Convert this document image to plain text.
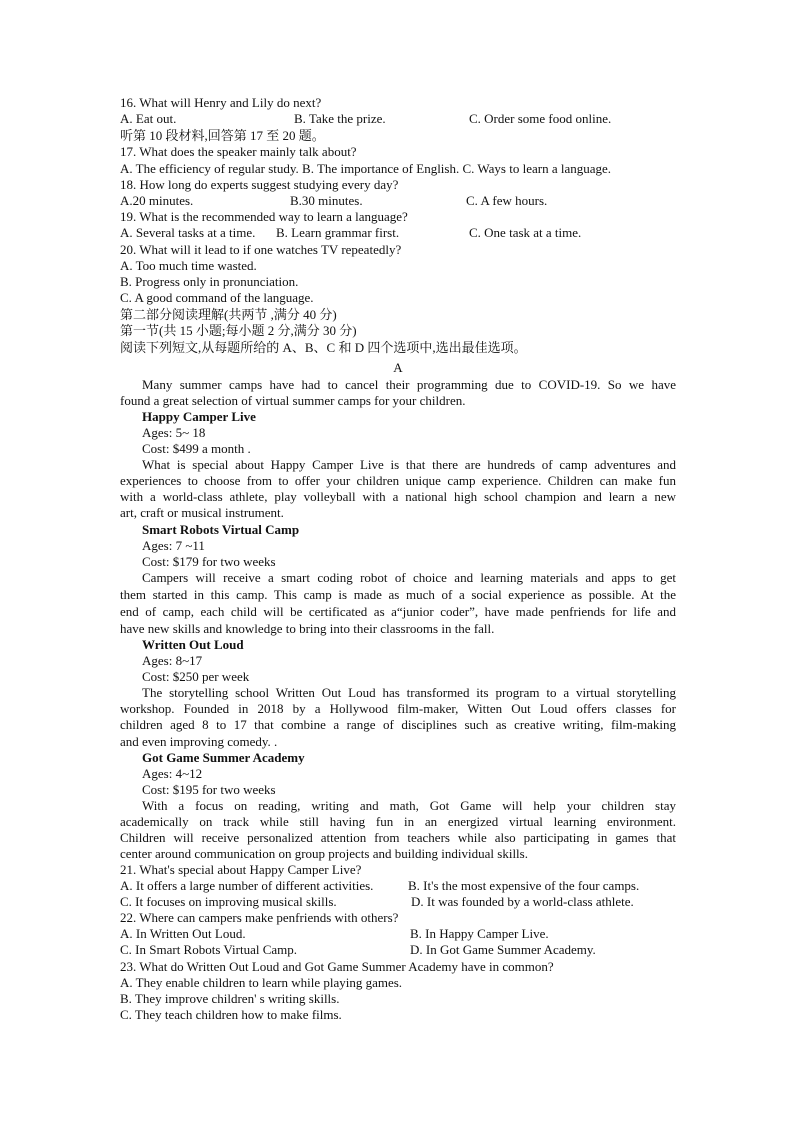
16. What will Henry and Lily do next?
A. Eat out.	B. Take the prize.	C. Order some food online.
听第 10 段材料,回答第 17 至 20 题。
17. What does the speaker mainly talk about?
A. The efficiency of regular study. B. The importance of English. C. Ways to learn a language.
18. How long do experts suggest studying every day?
A.20 minutes.	B.30 minutes.	C. A few hours.
19. What is the recommended way to learn a language?
A. Several tasks at a time. B. Learn grammar first.	C. One task at a time.
20. What will it lead to if one watches TV repeatedly?
A. Too much time wasted.
B. Progress only in pronunciation.
C. A good command of the language.
第二部分阅读理解(共两节 ,满分 40 分)
第一节(共 15 小题;每小题 2 分,满分 30 分)
阅读下列短文,从每题所给的 A、B、C 和 D 四个选项中,选出最佳选项。
A
Many summer camps have had to cancel their programming due to COVID-19. So we have
found a great selection of virtual summer camps for your children.
Happy Camper Live
Ages: 5~ 18
Cost: $499 a month .
What is special about Happy Camper Live is that there are hundreds of camp adventures and
experiences to choose from to offer your children unique camp experience. Children can make fun
with a world-class athlete, play volleyball with a national high school champion and learn a new
art, craft or musical instrument.
Smart Robots Virtual Camp
Ages: 7 ~11
Cost: $179 for two weeks
Campers will receive a smart coding robot of choice and learning materials and apps to get
them started in this camp. This camp is made as much of a social experience as possible. At the
end of camp, each child will be certificated as a“junior coder”, have made penfriends for life and
have new skills and knowledge to bring into their classrooms in the fall.
Written Out Loud
Ages: 8~17
Cost: $250 per week
The storytelling school Written Out Loud has transformed its program to a virtual storytelling
workshop. Founded in 2018 by a Hollywood film-maker, Witten Out Loud offers classes for
children aged 8 to 17 that combine a range of disciplines such as creative writing, film-making
and even improving comedy. .
Got Game Summer Academy
Ages: 4~12
Cost: $195 for two weeks
With a focus on reading, writing and math, Got Game will help your children stay
academically on track while still having fun in an energized virtual learning environment.
Children will receive personalized attention from teachers while also participating in games that
center around communication on group projects and building individual skills.
21. What's special about Happy Camper Live?
A. It offers a large number of different activities.	B. It's the most expensive of the four camps.
C. It focuses on improving musical skills.	D. It was founded by a world-class athlete.
22. Where can campers make penfriends with others?
A. In Written Out Loud.	B. In Happy Camper Live.
C. In Smart Robots Virtual Camp.	D. In Got Game Summer Academy.
23. What do Written Out Loud and Got Game Summer Academy have in common?
A. They enable children to learn while playing games.
B. They improve children' s writing skills.
C. They teach children how to make films.
